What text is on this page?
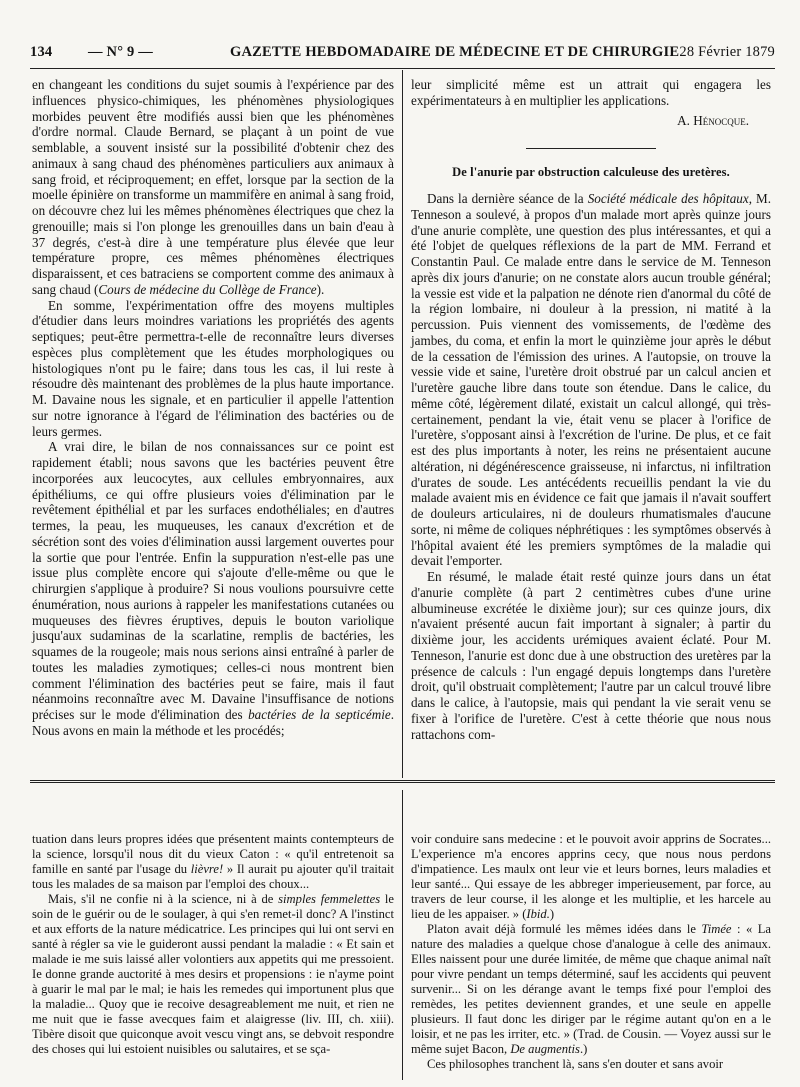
134 — N° 9 —	GAZETTE HEBDOMADAIRE DE MÉDECINE ET DE CHIRURGIE 28 Février 1879

en changeant les conditions du sujet soumis à l'expérience par des influences physico-chimiques, les phénomènes physiologiques morbides peuvent être modifiés aussi bien que les phénomènes d'ordre normal. Claude Bernard, se plaçant à un point de vue semblable, a souvent insisté sur la possibilité d'obtenir chez des animaux à sang chaud des phénomènes particuliers aux animaux à sang froid, et réciproquement; en effet, lorsque par la section de la moelle épinière on transforme un mammifère en animal à sang froid, on découvre chez lui les mêmes phénomènes électriques que chez la grenouille; mais si l'on plonge les grenouilles dans un bain d'eau à 37 degrés, c'est-à dire à une température plus élevée que leur température propre, ces mêmes phénomènes électriques disparaissent, et ces batraciens se comportent comme des animaux à sang chaud (Cours de médecine du Collège de France).

En somme, l'expérimentation offre des moyens multiples d'étudier dans leurs moindres variations les propriétés des agents septiques; peut-être permettra-t-elle de reconnaître leurs diverses espèces plus complètement que les études morphologiques ou histologiques n'ont pu le faire; dans tous les cas, il lui reste à résoudre dès maintenant des problèmes de la plus haute importance. M. Davaine nous les signale, et en particulier il appelle l'attention sur notre ignorance à l'égard de l'élimination des bactéries ou de leurs germes.

A vrai dire, le bilan de nos connaissances sur ce point est rapidement établi; nous savons que les bactéries peuvent être incorporées aux leucocytes, aux cellules embryonnaires, aux épithéliums, ce qui offre plusieurs voies d'élimination par le revêtement épithélial et par les surfaces endothéliales; en d'autres termes, la peau, les muqueuses, les canaux d'excrétion et de sécrétion sont des voies d'élimination aussi largement ouvertes pour la sortie que pour l'entrée. Enfin la suppuration n'est-elle pas une issue plus complète encore qui s'ajoute d'elle-même ou que le chirurgien s'applique à produire? Si nous voulions poursuivre cette énumération, nous aurions à rappeler les manifestations cutanées ou muqueuses des fièvres éruptives, depuis le bouton variolique jusqu'aux sudaminas de la scarlatine, remplis de bactéries, les squames de la rougeole; mais nous serions ainsi entraîné à parler de toutes les maladies zymotiques; celles-ci nous montrent bien comment l'élimination des bactéries peut se faire, mais il faut néanmoins reconnaître avec M. Davaine l'insuffisance de notions précises sur le mode d'élimination des bactéries de la septicémie. Nous avons en main la méthode et les procédés;

leur simplicité même est un attrait qui engagera les expérimentateurs à en multiplier les applications.

A. Hénocque.
De l'anurie par obstruction calculeuse des uretères.

Dans la dernière séance de la Société médicale des hôpitaux, M. Tenneson a soulevé, à propos d'un malade mort après quinze jours d'une anurie complète, une question des plus intéressantes, et qui a été l'objet de quelques réflexions de la part de MM. Ferrand et Constantin Paul. Ce malade entre dans le service de M. Tenneson après dix jours d'anurie; on ne constate alors aucun trouble général; la vessie est vide et la palpation ne dénote rien d'anormal du côté de la région lombaire, ni douleur à la pression, ni matité à la percussion. Puis viennent des vomissements, de l'œdème des jambes, du coma, et enfin la mort le quinzième jour après le début de la cessation de l'émission des urines. A l'autopsie, on trouve la vessie vide et saine, l'uretère droit obstrué par un calcul ancien et l'uretère gauche libre dans toute son étendue. Dans le calice, du même côté, légèrement dilaté, existait un calcul allongé, qui très-certainement, pendant la vie, était venu se placer à l'orifice de l'uretère, s'opposant ainsi à l'excrétion de l'urine. De plus, et ce fait est des plus importants à noter, les reins ne présentaient aucune altération, ni dégénérescence graisseuse, ni infarctus, ni infiltration d'urates de soude. Les antécédents recueillis pendant la vie du malade avaient mis en évidence ce fait que jamais il n'avait souffert de douleurs articulaires, ni de douleurs rhumatismales d'aucune sorte, ni même de coliques néphrétiques : les symptômes observés à l'hôpital avaient été les premiers symptômes de la maladie qui devait l'emporter.

En résumé, le malade était resté quinze jours dans un état d'anurie complète (à part 2 centimètres cubes d'une urine albumineuse excrétée le dixième jour); sur ces quinze jours, dix n'avaient présenté aucun fait important à signaler; à partir du dixième jour, les accidents urémiques avaient éclaté. Pour M. Tenneson, l'anurie est donc due à une obstruction des uretères par la présence de calculs : l'un engagé depuis longtemps dans l'uretère droit, qu'il obstruait complètement; l'autre par un calcul trouvé libre dans le calice, à l'autopsie, mais qui pendant la vie serait venu se fixer à l'orifice de l'uretère. C'est à cette théorie que nous nous rattachons com-

tuation dans leurs propres idées que présentent maints contempteurs de la science, lorsqu'il nous dit du vieux Caton : « qu'il entretenoit sa famille en santé par l'usage du lièvre! » Il aurait pu ajouter qu'il traitait tous les malades de sa maison par l'emploi des choux...

Mais, s'il ne confie ni à la science, ni à de simples femmelettes le soin de le guérir ou de le soulager, à qui s'en remet-il donc? A l'instinct et aux efforts de la nature médicatrice. Les principes qui lui ont servi en santé à régler sa vie le guideront aussi pendant la maladie : « Et sain et malade ie me suis laissé aller volontiers aux appetits qui me pressoient. Ie donne grande auctorité à mes desirs et propensions : ie n'ayme point à guarir le mal par le mal; ie hais les remedes qui importunent plus que la maladie... Quoy que ie recoive desagreablement me nuit, et rien ne me nuit que ie fasse avecques faim et alaigresse (liv. III, ch. xiii). Tibère disoit que quiconque avoit vescu vingt ans, se debvoit respondre des choses qui lui estoient nuisibles ou salutaires, et se sça-

voir conduire sans medecine : et le pouvoit avoir apprins de Socrates... L'experience m'a encores apprins cecy, que nous nous perdons d'impatience. Les maulx ont leur vie et leurs bornes, leurs maladies et leur santé... Qui essaye de les abbreger imperieusement, par force, au travers de leur course, il les alonge et les multiplie, et les harcele au lieu de les appaiser. » (Ibid.)

Platon avait déjà formulé les mêmes idées dans le Timée : « La nature des maladies a quelque chose d'analogue à celle des animaux. Elles naissent pour une durée limitée, de même que chaque animal naît pour vivre pendant un temps déterminé, sauf les accidents qui peuvent survenir... Si on les dérange avant le temps fixé pour l'emploi des remèdes, les petites deviennent grandes, et une seule en appelle plusieurs. Il faut donc les diriger par le régime autant qu'on en a le loisir, et ne pas les irriter, etc. » (Trad. de Cousin. — Voyez aussi sur le même sujet Bacon, De augmentis.)

Ces philosophes tranchent là, sans s'en douter et sans avoir
